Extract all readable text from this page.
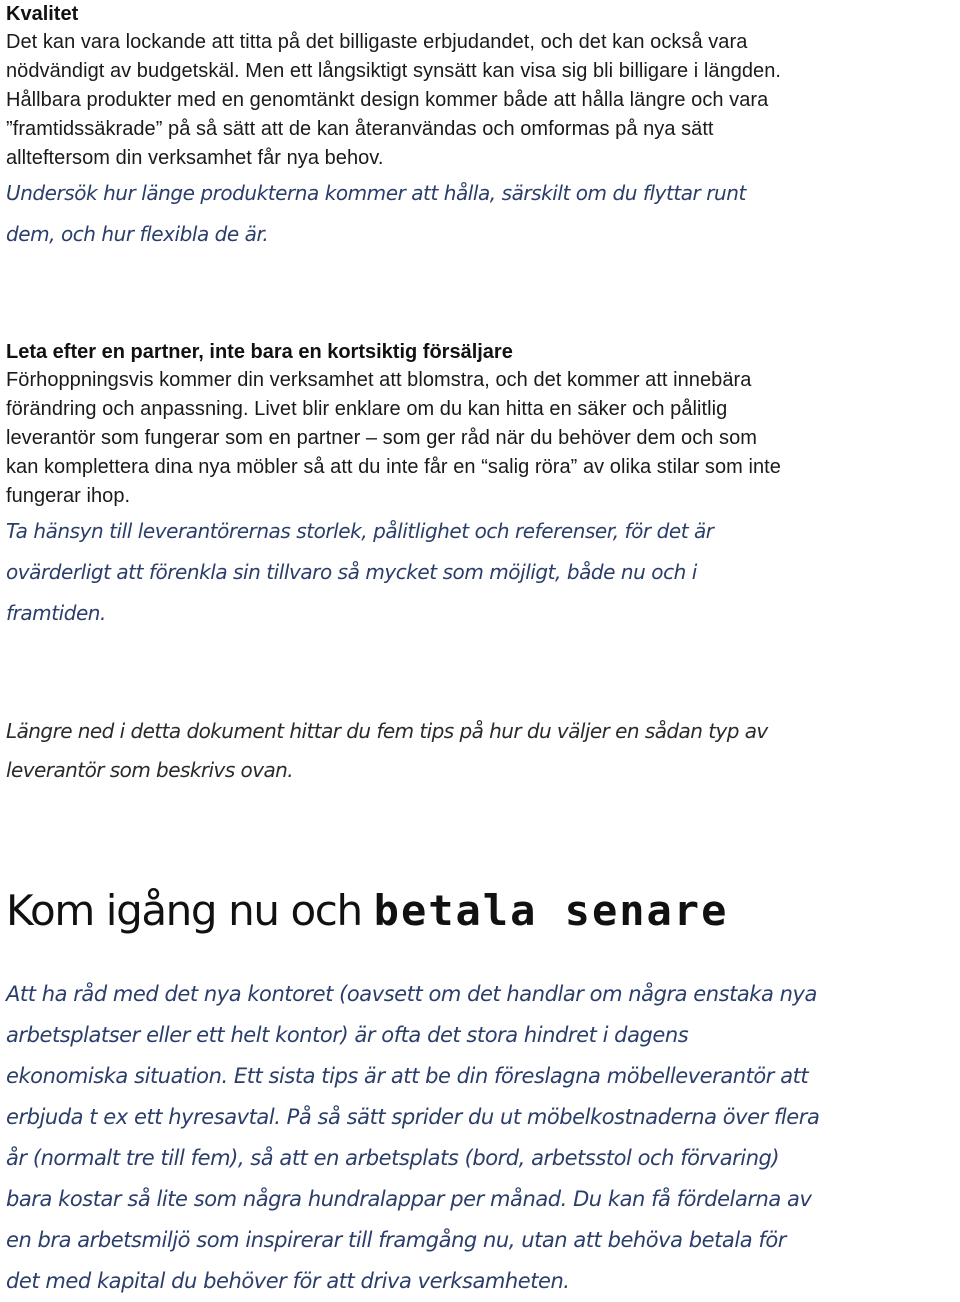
Kvalitet

Det kan vara lockande att titta på det billigaste erbjudandet, och det kan också vara
nödvändigt av budgetskäl. Men ett långsiktigt synsätt kan visa sig bli billigare i längden.
Hållbara produkter med en genomtänkt design kommer både att hålla längre och vara
”framtidssäkrade” på så sätt att de kan återanvändas och omformas på nya sätt
allteftersom din verksamhet får nya behov.

Undersök hur länge produkterna kommer att hålla, särskilt om du flyttar runt
dem, och hur flexibla de är.

Leta efter en partner, inte bara en kortsiktig försäljare

Förhoppningsvis kommer din verksamhet att blomstra, och det kommer att innebära
förändring och anpassning. Livet blir enklare om du kan hitta en säker och pålitlig
leverantör som fungerar som en partner – som ger råd när du behöver dem och som
kan komplettera dina nya möbler så att du inte får en “salig röra” av olika stilar som inte
fungerar ihop.

Ta hänsyn till leverantörernas storlek, pålitlighet och referenser, för det är
ovärderligt att förenkla sin tillvaro så mycket som möjligt, både nu och i
framtiden.

Längre ned i detta dokument hittar du fem tips på hur du väljer en sådan typ av
leverantör som beskrivs ovan.

Kom igång nu och betala senare

Att ha råd med det nya kontoret (oavsett om det handlar om några enstaka nya
arbetsplatser eller ett helt kontor) är ofta det stora hindret i dagens
ekonomiska situation. Ett sista tips är att be din föreslagna möbelleverantör att
erbjuda t ex ett hyresavtal. På så sätt sprider du ut möbelkostnaderna över flera
år (normalt tre till fem), så att en arbetsplats (bord, arbetsstol och förvaring)
bara kostar så lite som några hundralappar per månad. Du kan få fördelarna av
en bra arbetsmiljö som inspirerar till framgång nu, utan att behöva betala för
det med kapital du behöver för att driva verksamheten.
